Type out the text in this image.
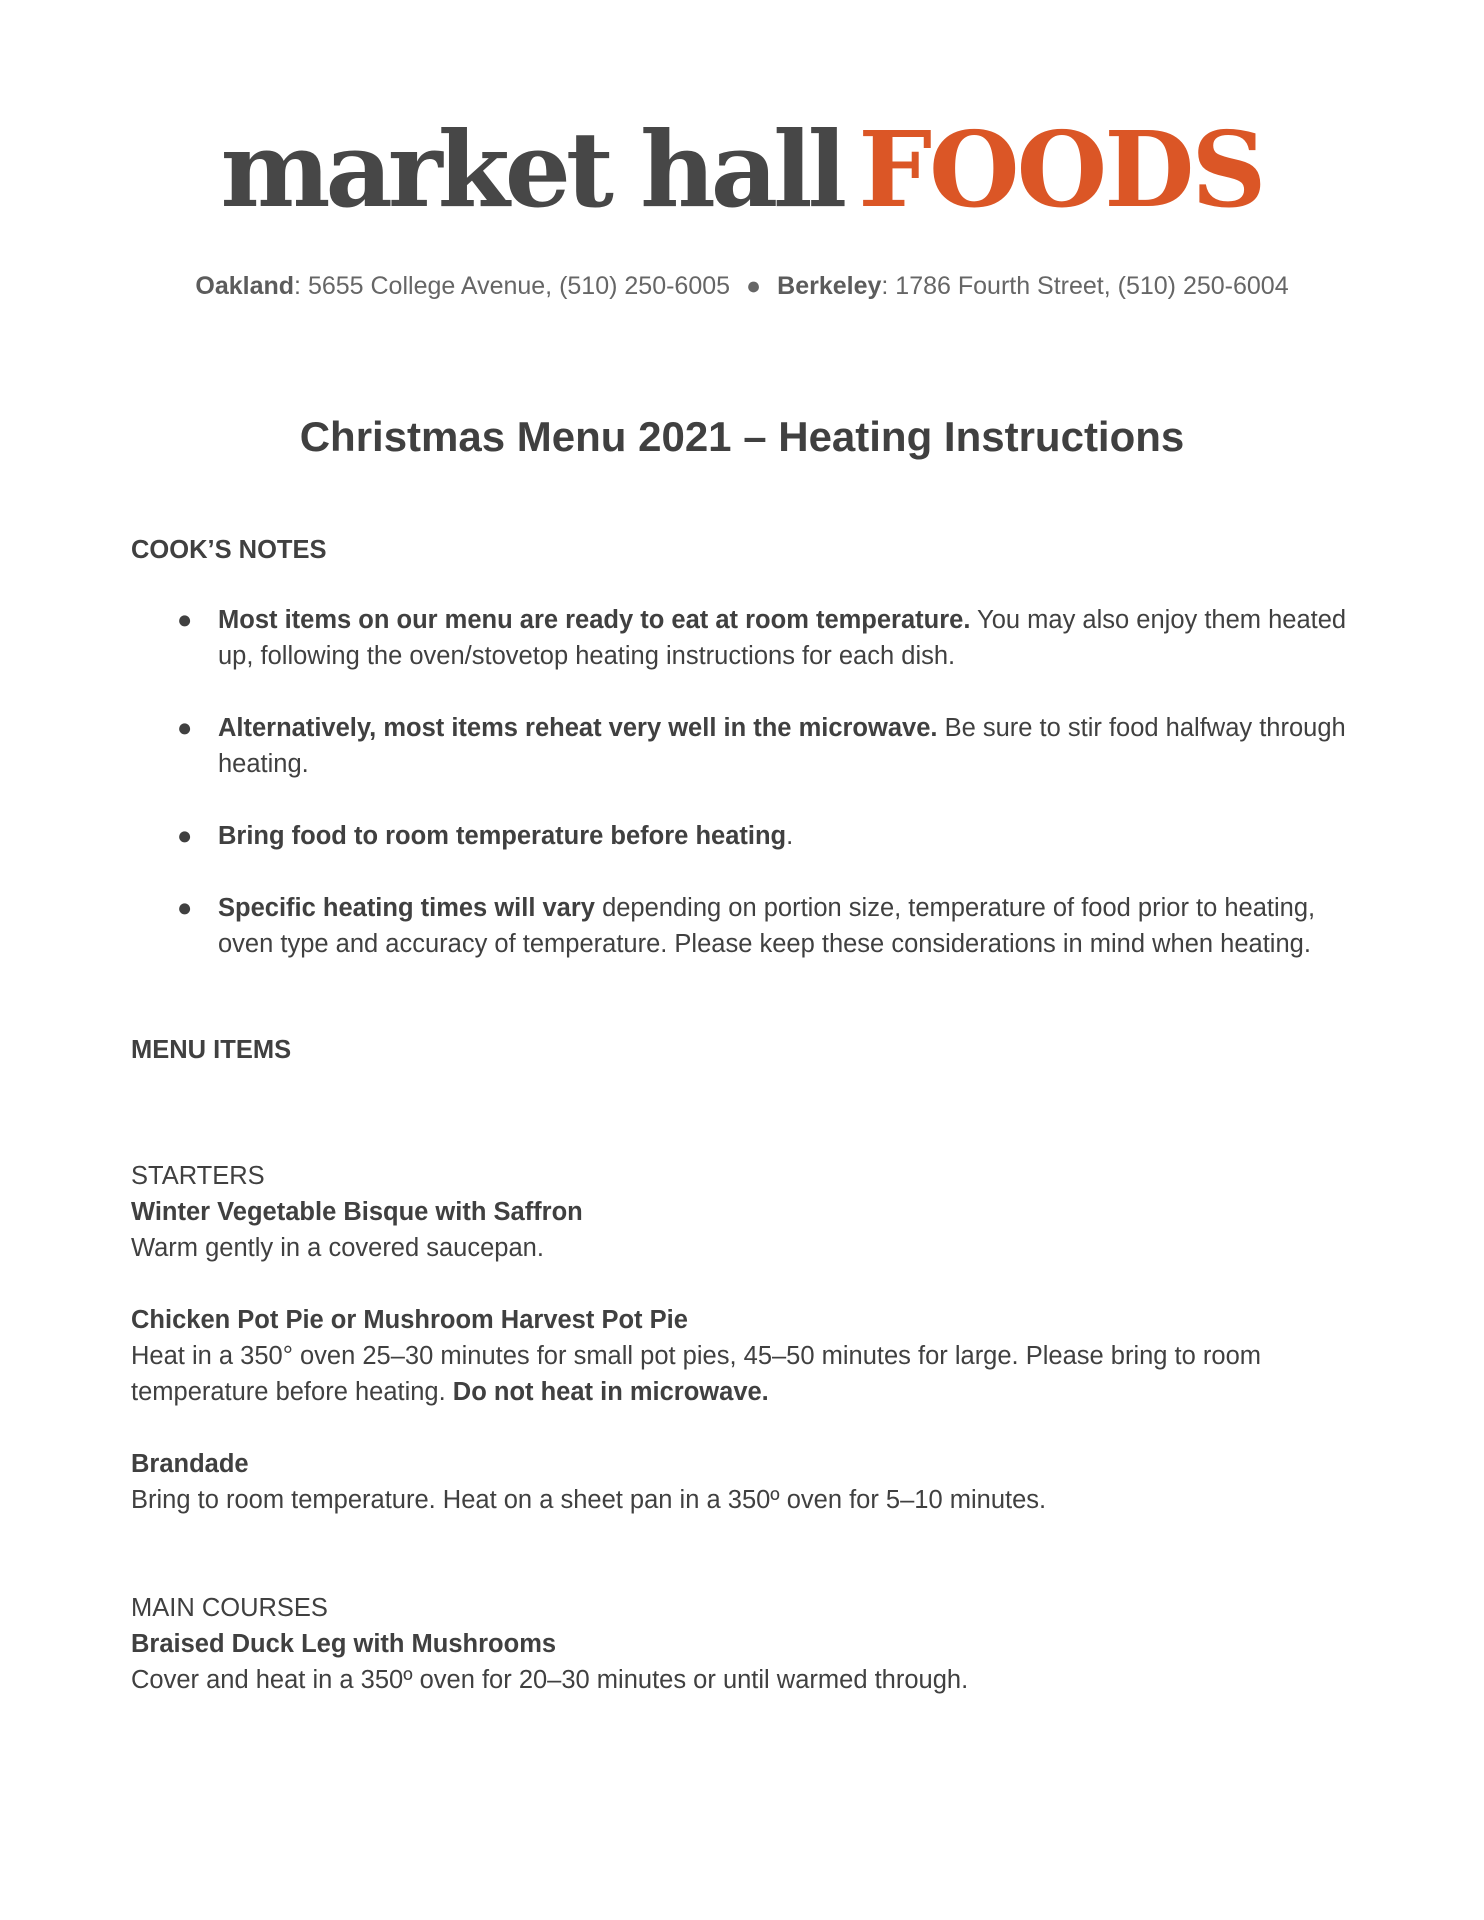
market hall FOODS
Oakland: 5655 College Avenue, (510) 250-6005 ● Berkeley: 1786 Fourth Street, (510) 250-6004
Christmas Menu 2021 – Heating Instructions
COOK’S NOTES
● Most items on our menu are ready to eat at room temperature. You may also enjoy them heated up, following the oven/stovetop heating instructions for each dish.
● Alternatively, most items reheat very well in the microwave. Be sure to stir food halfway through heating.
● Bring food to room temperature before heating.
● Specific heating times will vary depending on portion size, temperature of food prior to heating, oven type and accuracy of temperature. Please keep these considerations in mind when heating.
MENU ITEMS
STARTERS
Winter Vegetable Bisque with Saffron
Warm gently in a covered saucepan.
Chicken Pot Pie or Mushroom Harvest Pot Pie
Heat in a 350° oven 25–30 minutes for small pot pies, 45–50 minutes for large. Please bring to room temperature before heating. Do not heat in microwave.
Brandade
Bring to room temperature. Heat on a sheet pan in a 350º oven for 5–10 minutes.
MAIN COURSES
Braised Duck Leg with Mushrooms
Cover and heat in a 350º oven for 20–30 minutes or until warmed through.
